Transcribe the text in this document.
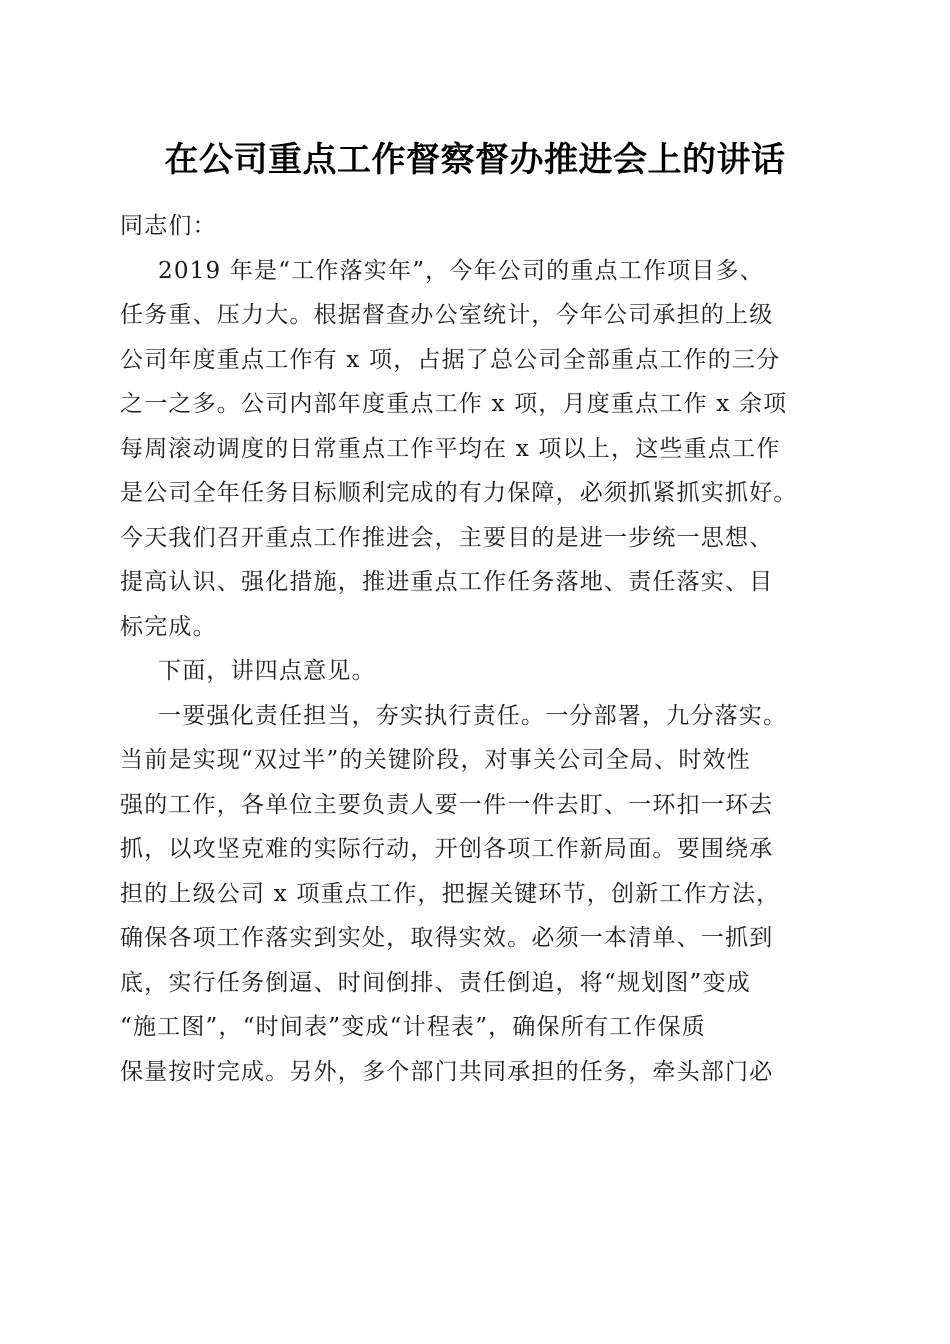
在公司重点工作督察督办推进会上的讲话
同志们：
2019 年是“工作落实年”，今年公司的重点工作项目多、
任务重、压力大。根据督查办公室统计，今年公司承担的上级
公司年度重点工作有 x 项，占据了总公司全部重点工作的三分
之一之多。公司内部年度重点工作 x 项，月度重点工作 x 余项
每周滚动调度的日常重点工作平均在 x 项以上，这些重点工作
是公司全年任务目标顺利完成的有力保障，必须抓紧抓实抓好。
今天我们召开重点工作推进会，主要目的是进一步统一思想、
提高认识、强化措施，推进重点工作任务落地、责任落实、目
标完成。
下面，讲四点意见。
一要强化责任担当，夯实执行责任。一分部署，九分落实。
当前是实现“双过半”的关键阶段，对事关公司全局、时效性
强的工作，各单位主要负责人要一件一件去盯、一环扣一环去
抓，以攻坚克难的实际行动，开创各项工作新局面。要围绕承
担的上级公司 x 项重点工作，把握关键环节，创新工作方法，
确保各项工作落实到实处，取得实效。必须一本清单、一抓到
底，实行任务倒逼、时间倒排、责任倒追，将“规划图”变成
“施工图”，“时间表”变成“计程表”，确保所有工作保质
保量按时完成。另外，多个部门共同承担的任务，牵头部门必
